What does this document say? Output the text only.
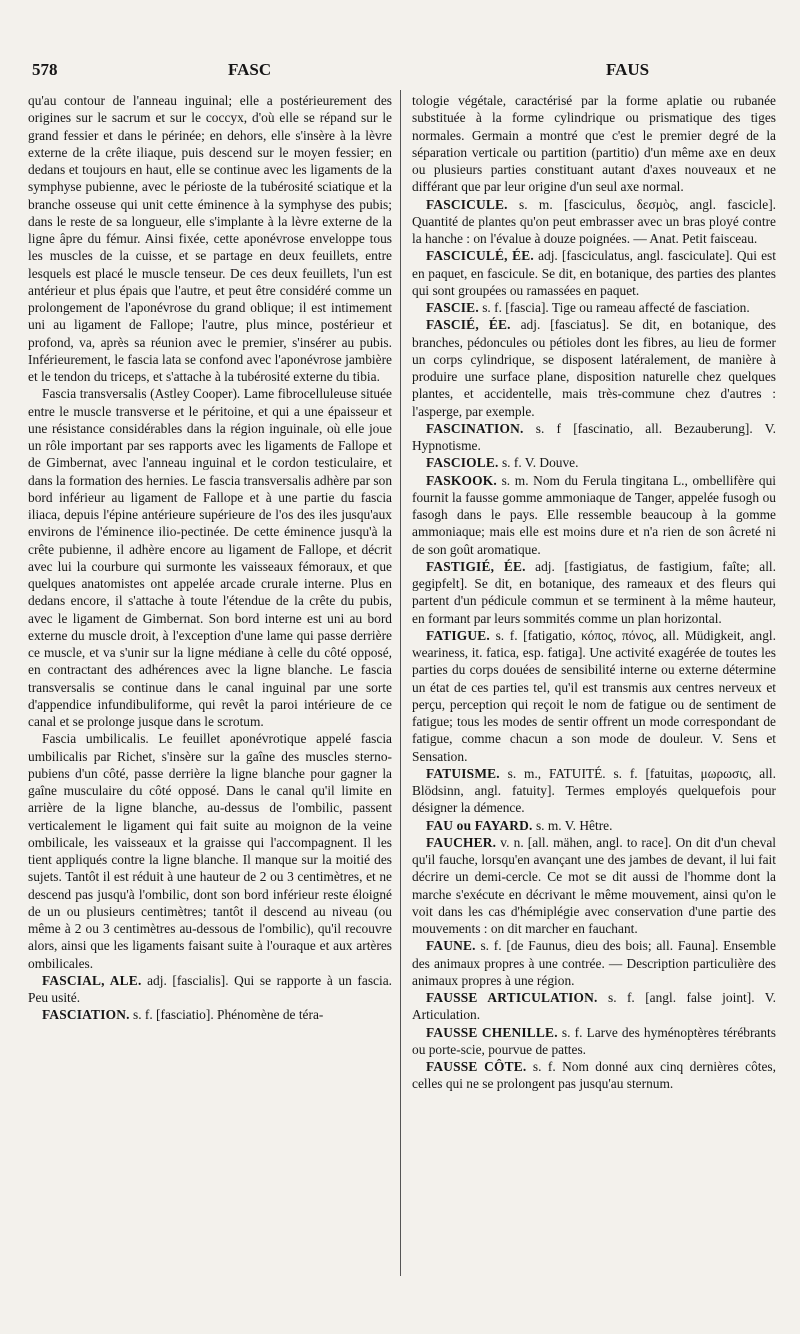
578	FASC	FAUS

qu'au contour de l'anneau inguinal; elle a postérieurement des origines sur le sacrum et sur le coccyx, d'où elle se répand sur le grand fessier et dans le périnée; en dehors, elle s'insère à la lèvre externe de la crête iliaque, puis descend sur le moyen fessier; en dedans et toujours en haut, elle se continue avec les ligaments de la symphyse pubienne, avec le périoste de la tubérosité sciatique et la branche osseuse qui unit cette éminence à la symphyse des pubis; dans le reste de sa longueur, elle s'implante à la lèvre externe de la ligne âpre du fémur. Ainsi fixée, cette aponévrose enveloppe tous les muscles de la cuisse, et se partage en deux feuillets, entre lesquels est placé le muscle tenseur. De ces deux feuillets, l'un est antérieur et plus épais que l'autre, et peut être considéré comme un prolongement de l'aponévrose du grand oblique; il est intimement uni au ligament de Fallope; l'autre, plus mince, postérieur et profond, va, après sa réunion avec le premier, s'insérer au pubis. Inférieurement, le fascia lata se confond avec l'aponévrose jambière et le tendon du triceps, et s'attache à la tubérosité externe du tibia.

Fascia transversalis (Astley Cooper). Lame fibrocelluleuse située entre le muscle transverse et le péritoine, et qui a une épaisseur et une résistance considérables dans la région inguinale, où elle joue un rôle important par ses rapports avec les ligaments de Fallope et de Gimbernat, avec l'anneau inguinal et le cordon testiculaire, et dans la formation des hernies. Le fascia transversalis adhère par son bord inférieur au ligament de Fallope et à une partie du fascia iliaca, depuis l'épine antérieure supérieure de l'os des iles jusqu'aux environs de l'éminence ilio-pectinée. De cette éminence jusqu'à la crête pubienne, il adhère encore au ligament de Fallope, et décrit avec lui la courbure qui surmonte les vaisseaux fémoraux, et que quelques anatomistes ont appelée arcade crurale interne. Plus en dedans encore, il s'attache à toute l'étendue de la crête du pubis, avec le ligament de Gimbernat. Son bord interne est uni au bord externe du muscle droit, à l'exception d'une lame qui passe derrière ce muscle, et va s'unir sur la ligne médiane à celle du côté opposé, en contractant des adhérences avec la ligne blanche. Le fascia transversalis se continue dans le canal inguinal par une sorte d'appendice infundibuliforme, qui revêt la paroi intérieure de ce canal et se prolonge jusque dans le scrotum.

Fascia umbilicalis. Le feuillet aponévrotique appelé fascia umbilicalis par Richet, s'insère sur la gaîne des muscles sterno-pubiens d'un côté, passe derrière la ligne blanche pour gagner la gaîne musculaire du côté opposé. Dans le canal qu'il limite en arrière de la ligne blanche, au-dessus de l'ombilic, passent verticalement le ligament qui fait suite au moignon de la veine ombilicale, les vaisseaux et la graisse qui l'accompagnent. Il les tient appliqués contre la ligne blanche. Il manque sur la moitié des sujets. Tantôt il est réduit à une hauteur de 2 ou 3 centimètres, et ne descend pas jusqu'à l'ombilic, dont son bord inférieur reste éloigné de un ou plusieurs centimètres; tantôt il descend au niveau (ou même à 2 ou 3 centimètres au-dessous de l'ombilic), qu'il recouvre alors, ainsi que les ligaments faisant suite à l'ouraque et aux artères ombilicales.

FASCIAL, ALE. adj. [fascialis]. Qui se rapporte à un fascia. Peu usité.

FASCIATION. s. f. [fasciatio]. Phénomène de téra-

tologie végétale, caractérisé par la forme aplatie ou rubanée substituée à la forme cylindrique ou prismatique des tiges normales. Germain a montré que c'est le premier degré de la séparation verticale ou partition (partitio) d'un même axe en deux ou plusieurs parties constituant autant d'axes nouveaux et ne différant que par leur origine d'un seul axe normal.

FASCICULE. s. m. [fasciculus, δεσμὸς, angl. fascicle]. Quantité de plantes qu'on peut embrasser avec un bras ployé contre la hanche : on l'évalue à douze poignées. — Anat. Petit faisceau.

FASCICULÉ, ÉE. adj. [fasciculatus, angl. fasciculate]. Qui est en paquet, en fascicule. Se dit, en botanique, des parties des plantes qui sont groupées ou ramassées en paquet.

FASCIE. s. f. [fascia]. Tige ou rameau affecté de fasciation.

FASCIÉ, ÉE. adj. [fasciatus]. Se dit, en botanique, des branches, pédoncules ou pétioles dont les fibres, au lieu de former un corps cylindrique, se disposent latéralement, de manière à produire une surface plane, disposition naturelle chez quelques plantes, et accidentelle, mais très-commune chez d'autres : l'asperge, par exemple.

FASCINATION. s. f [fascinatio, all. Bezauberung]. V. Hypnotisme.

FASCIOLE. s. f. V. Douve.

FASKOOK. s. m. Nom du Ferula tingitana L., ombellifère qui fournit la fausse gomme ammoniaque de Tanger, appelée fusogh ou fasogh dans le pays. Elle ressemble beaucoup à la gomme ammoniaque; mais elle est moins dure et n'a rien de son âcreté ni de son goût aromatique.

FASTIGIÉ, ÉE. adj. [fastigiatus, de fastigium, faîte; all. gegipfelt]. Se dit, en botanique, des rameaux et des fleurs qui partent d'un pédicule commun et se terminent à la même hauteur, en formant par leurs sommités comme un plan horizontal.

FATIGUE. s. f. [fatigatio, κόπος, πόνος, all. Müdigkeit, angl. weariness, it. fatica, esp. fatiga]. Une activité exagérée de toutes les parties du corps douées de sensibilité interne ou externe détermine un état de ces parties tel, qu'il est transmis aux centres nerveux et perçu, perception qui reçoit le nom de fatigue ou de sentiment de fatigue; tous les modes de sentir offrent un mode correspondant de fatigue, comme chacun a son mode de douleur. V. Sens et Sensation.

FATUISME. s. m., FATUITÉ. s. f. [fatuitas, μωρωσις, all. Blödsinn, angl. fatuity]. Termes employés quelquefois pour désigner la démence.

FAU ou FAYARD. s. m. V. Hêtre.

FAUCHER. v. n. [all. mähen, angl. to race]. On dit d'un cheval qu'il fauche, lorsqu'en avançant une des jambes de devant, il lui fait décrire un demi-cercle. Ce mot se dit aussi de l'homme dont la marche s'exécute en décrivant le même mouvement, ainsi qu'on le voit dans les cas d'hémiplégie avec conservation d'une partie des mouvements : on dit marcher en fauchant.

FAUNE. s. f. [de Faunus, dieu des bois; all. Fauna]. Ensemble des animaux propres à une contrée. — Description particulière des animaux propres à une région.

FAUSSE ARTICULATION. s. f. [angl. false joint]. V. Articulation.

FAUSSE CHENILLE. s. f. Larve des hyménoptères térébrants ou porte-scie, pourvue de pattes.

FAUSSE CÔTE. s. f. Nom donné aux cinq dernières côtes, celles qui ne se prolongent pas jusqu'au sternum.
